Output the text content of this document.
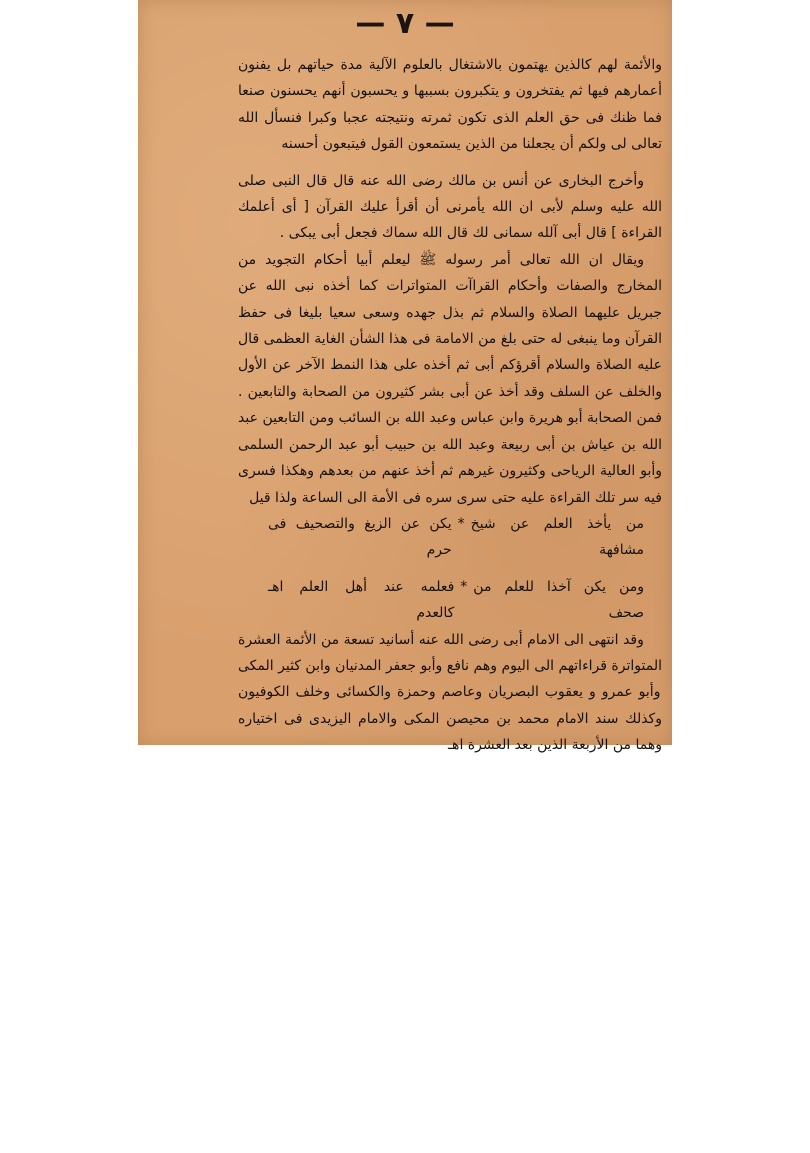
— ٧ —

والأئمة لهم كالذين يهتمون بالاشتغال بالعلوم الآلية مدة حياتهم بل يفنون أعمارهم فيها ثم يفتخرون و يتكبرون بسببها و يحسبون أنهم يحسنون صنعا فما ظنك فى حق العلم الذى تكون ثمرته ونتيجته عجبا وكبرا فنسأل الله تعالى لى ولكم أن يجعلنا من الذين يستمعون القول فيتبعون أحسنه

وأخرج البخارى عن أنس بن مالك رضى الله عنه قال قال النبى صلى الله عليه وسلم لأبى ان الله يأمرنى أن أقرأ عليك القرآن [ أى أعلمك القراءة ] قال أبى آلله سمانى لك قال الله سماك فجعل أبى يبكى .

ويقال ان الله تعالى أمر رسوله ﷺ ليعلم أبيا أحكام التجويد من المخارج والصفات وأحكام القراآت المتواترات كما أخذه نبى الله عن جبريل عليهما الصلاة والسلام ثم بذل جهده وسعى سعيا بليغا فى حفظ القرآن وما ينبغى له حتى بلغ من الامامة فى هذا الشأن الغاية العظمى قال عليه الصلاة والسلام أقرؤكم أبى ثم أخذه على هذا النمط الآخر عن الأول والخلف عن السلف وقد أخذ عن أبى بشر كثيرون من الصحابة والتابعين . فمن الصحابة أبو هريرة وابن عباس وعبد الله بن السائب ومن التابعين عبد الله بن عياش بن أبى ربيعة وعبد الله بن حبيب أبو عبد الرحمن السلمى وأبو العالية الرياحى وكثيرون غيرهم ثم أخذ عنهم من بعدهم وهكذا فسرى فيه سر تلك القراءة عليه حتى سرى سره فى الأمة الى الساعة ولذا قيل

من يأخذ العلم عن شيخ مشافهة
*
يكن عن الزيغ والتصحيف فى حرم
ومن يكن آخذا للعلم من صحف
*
فعلمه عند أهل العلم كالعدم
اهـ

وقد انتهى الى الامام أبى رضى الله عنه أسانيد تسعة من الأئمة العشرة المتواترة قراءاتهم الى اليوم وهم نافع وأبو جعفر المدنيان وابن كثير المكى وأبو عمرو و يعقوب البصريان وعاصم وحمزة والكسائى وخلف الكوفيون وكذلك سند الامام محمد بن محيصن المكى والامام اليزيدى فى اختياره وهما من الأربعة الذين بعد العشرة اهـ
